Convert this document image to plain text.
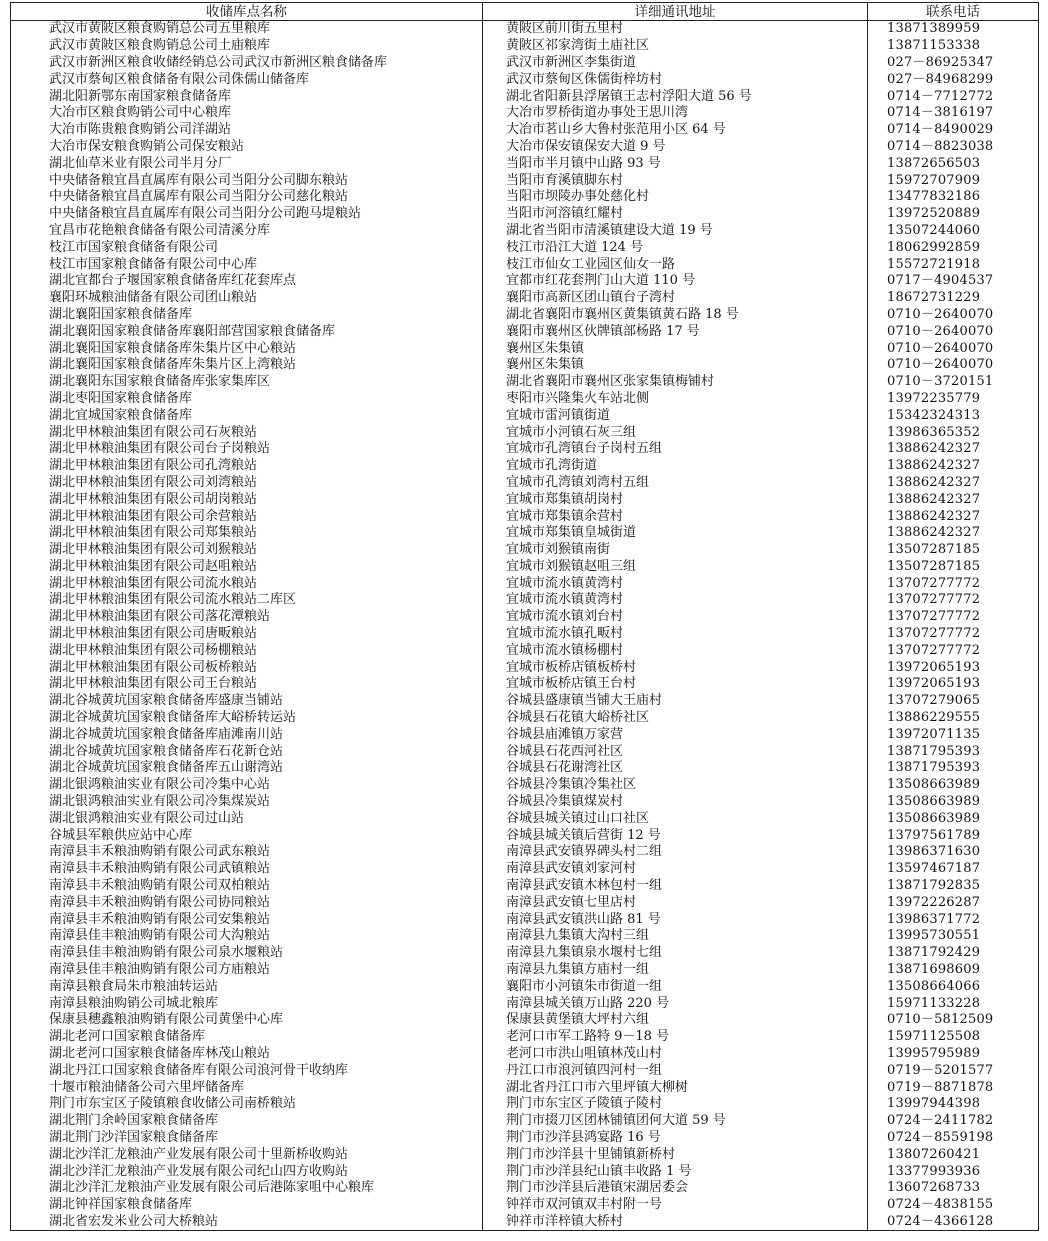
收储库点名称	详细通讯地址	联系电话
武汉市黄陂区粮食购销总公司五里粮库	黄陂区前川街五里村	13871389959
武汉市黄陂区粮食购销总公司土庙粮库	黄陂区祁家湾街土庙社区	13871153338
武汉市新洲区粮食收储经销总公司武汉市新洲区粮食储备库	武汉市新洲区李集街道	027－86925347
武汉市蔡甸区粮食储备有限公司侏儒山储备库	武汉市蔡甸区侏儒街梓坊村	027－84968299
湖北阳新鄂东南国家粮食储备库	湖北省阳新县浮屠镇王志村浮阳大道 56 号	0714－7712772
大冶市区粮食购销公司中心粮库	大冶市罗桥街道办事处王思川湾	0714－3816197
大冶市陈贵粮食购销公司洋湖站	大冶市茗山乡大鲁村张范用小区 64 号	0714－8490029
大冶市保安粮食购销公司保安粮站	大冶市保安镇保安大道 9 号	0714－8823038
湖北仙草米业有限公司半月分厂	当阳市半月镇中山路 93 号	13872656503
中央储备粮宜昌直属库有限公司当阳分公司脚东粮站	当阳市育溪镇脚东村	15972707909
中央储备粮宜昌直属库有限公司当阳分公司慈化粮站	当阳市坝陵办事处慈化村	13477832186
中央储备粮宜昌直属库有限公司当阳分公司跑马堤粮站	当阳市河溶镇红耀村	13972520889
宜昌市花艳粮食储备有限公司清溪分库	湖北省当阳市清溪镇建设大道 19 号	13507244060
枝江市国家粮食储备有限公司	枝江市沿江大道 124 号	18062992859
枝江市国家粮食储备有限公司中心库	枝江市仙女工业园区仙女一路	15572721918
湖北宜都台子堰国家粮食储备库红花套库点	宜都市红花套荆门山大道 110 号	0717－4904537
襄阳环城粮油储备有限公司团山粮站	襄阳市高新区团山镇台子湾村	18672731229
湖北襄阳国家粮食储备库	湖北省襄阳市襄州区黄集镇黄石路 18 号	0710－2640070
湖北襄阳国家粮食储备库襄阳部营国家粮食储备库	襄阳市襄州区伙牌镇部杨路 17 号	0710－2640070
湖北襄阳国家粮食储备库朱集片区中心粮站	襄州区朱集镇	0710－2640070
湖北襄阳国家粮食储备库朱集片区上湾粮站	襄州区朱集镇	0710－2640070
湖北襄阳东国家粮食储备库张家集库区	湖北省襄阳市襄州区张家集镇梅铺村	0710－3720151
湖北枣阳国家粮食储备库	枣阳市兴隆集火车站北侧	13972235779
湖北宜城国家粮食储备库	宜城市雷河镇街道	15342324313
湖北甲林粮油集团有限公司石灰粮站	宜城市小河镇石灰三组	13986365352
湖北甲林粮油集团有限公司台子岗粮站	宜城市孔湾镇台子岗村五组	13886242327
湖北甲林粮油集团有限公司孔湾粮站	宜城市孔湾街道	13886242327
湖北甲林粮油集团有限公司刘湾粮站	宜城市孔湾镇刘湾村五组	13886242327
湖北甲林粮油集团有限公司胡岗粮站	宜城市郑集镇胡岗村	13886242327
湖北甲林粮油集团有限公司余营粮站	宜城市郑集镇余营村	13886242327
湖北甲林粮油集团有限公司郑集粮站	宜城市郑集镇皇城街道	13886242327
湖北甲林粮油集团有限公司刘猴粮站	宜城市刘猴镇南街	13507287185
湖北甲林粮油集团有限公司赵咀粮站	宜城市刘猴镇赵咀三组	13507287185
湖北甲林粮油集团有限公司流水粮站	宜城市流水镇黄湾村	13707277772
湖北甲林粮油集团有限公司流水粮站二库区	宜城市流水镇黄湾村	13707277772
湖北甲林粮油集团有限公司落花潭粮站	宜城市流水镇刘台村	13707277772
湖北甲林粮油集团有限公司唐畈粮站	宜城市流水镇孔畈村	13707277772
湖北甲林粮油集团有限公司杨棚粮站	宜城市流水镇杨棚村	13707277772
湖北甲林粮油集团有限公司板桥粮站	宜城市板桥店镇板桥村	13972065193
湖北甲林粮油集团有限公司王台粮站	宜城市板桥店镇王台村	13972065193
湖北谷城黄坑国家粮食储备库盛康当铺站	谷城县盛康镇当铺大王庙村	13707279065
湖北谷城黄坑国家粮食储备库大峪桥转运站	谷城县石花镇大峪桥社区	13886229555
湖北谷城黄坑国家粮食储备库庙滩南川站	谷城县庙滩镇万家营	13972071135
湖北谷城黄坑国家粮食储备库石花新仓站	谷城县石花西河社区	13871795393
湖北谷城黄坑国家粮食储备库五山谢湾站	谷城县石花谢湾社区	13871795393
湖北银鸿粮油实业有限公司冷集中心站	谷城县冷集镇冷集社区	13508663989
湖北银鸿粮油实业有限公司冷集煤炭站	谷城县冷集镇煤炭村	13508663989
湖北银鸿粮油实业有限公司过山站	谷城县城关镇过山口社区	13508663989
谷城县军粮供应站中心库	谷城县城关镇后营街 12 号	13797561789
南漳县丰禾粮油购销有限公司武东粮站	南漳县武安镇界碑头村二组	13986371630
南漳县丰禾粮油购销有限公司武镇粮站	南漳县武安镇刘家河村	13597467187
南漳县丰禾粮油购销有限公司双柏粮站	南漳县武安镇木林包村一组	13871792835
南漳县丰禾粮油购销有限公司协同粮站	南漳县武安镇七里店村	13972226287
南漳县丰禾粮油购销有限公司安集粮站	南漳县武安镇洪山路 81 号	13986371772
南漳县佳丰粮油购销有限公司大沟粮站	南漳县九集镇大沟村三组	13995730551
南漳县佳丰粮油购销有限公司泉水堰粮站	南漳县九集镇泉水堰村七组	13871792429
南漳县佳丰粮油购销有限公司方庙粮站	南漳县九集镇方庙村一组	13871698609
南漳县粮食局朱市粮油转运站	襄阳市小河镇朱市街道一组	13508664066
南漳县粮油购销公司城北粮库	南漳县城关镇万山路 220 号	15971133228
保康县穗鑫粮油购销有限公司黄堡中心库	保康县黄堡镇大坪村六组	0710－5812509
湖北老河口国家粮食储备库	老河口市军工路特 9－18 号	15971125508
湖北老河口国家粮食储备库林茂山粮站	老河口市洪山咀镇林茂山村	13995795989
湖北丹江口国家粮食储备库有限公司浪河骨干收纳库	丹江口市浪河镇四河村一组	0719－5201577
十堰市粮油储备公司六里坪储备库	湖北省丹江口市六里坪镇大柳树	0719－8871878
荆门市东宝区子陵镇粮食收储公司南桥粮站	荆门市东宝区子陵镇子陵村	13997944398
湖北荆门余岭国家粮食储备库	荆门市掇刀区团林铺镇团何大道 59 号	0724－2411782
湖北荆门沙洋国家粮食储备库	荆门市沙洋县鸿宴路 16 号	0724－8559198
湖北沙洋汇龙粮油产业发展有限公司十里新桥收购站	荆门市沙洋县十里铺镇新桥村	13807260421
湖北沙洋汇龙粮油产业发展有限公司纪山四方收购站	荆门市沙洋县纪山镇丰收路 1 号	13377993936
湖北沙洋汇龙粮油产业发展有限公司后港陈家咀中心粮库	荆门市沙洋县后港镇宋湖居委会	13607268733
湖北钟祥国家粮食储备库	钟祥市双河镇双丰村附一号	0724－4838155
湖北省宏发米业公司大桥粮站	钟祥市洋梓镇大桥村	0724－4366128
